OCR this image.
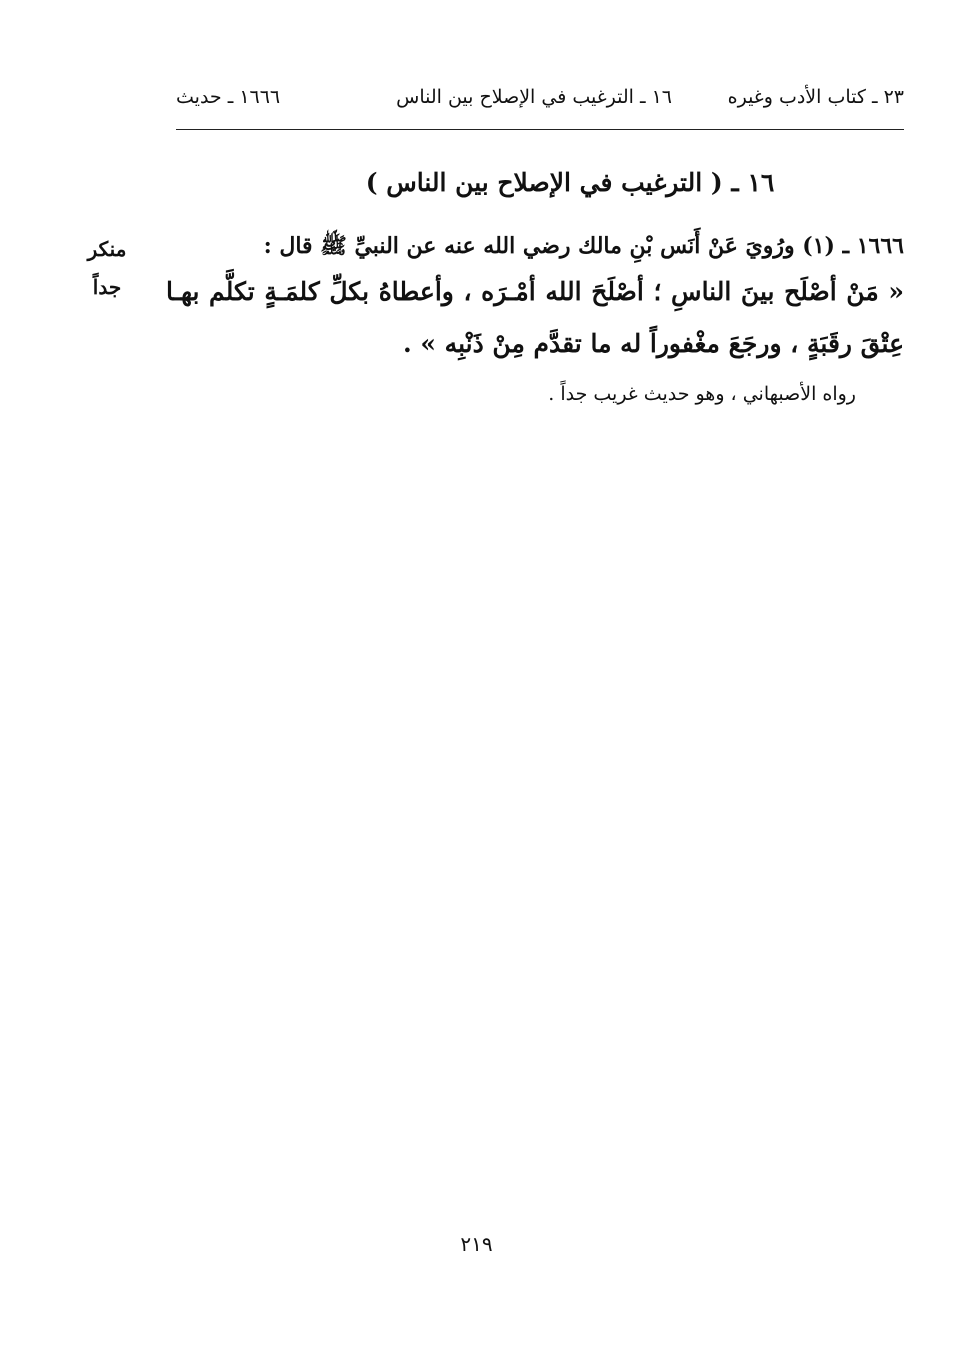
٢٣ ـ كتاب الأدب وغيره
١٦ ـ الترغيب في الإصلاح بين الناس
١٦٦٦ ـ حديث
١٦ ـ ( الترغيب في الإصلاح بين الناس )
منكر
جداً
١٦٦٦ ـ (١) ورُويَ عَنْ أَنَس بْنِ مالك رضي الله عنه عن النبيِّ ﷺ قال :
« مَنْ أصْلَح بينَ الناسِ ؛ أصْلَحَ الله أمْـرَه ، وأعطاهُ بكلِّ كلمَـةٍ تكلَّم بهـا عِتْقَ رقَبَةٍ ، ورجَعَ مغْفوراً له ما تقدَّم مِنْ ذَنْبِه » .
رواه الأصبهاني ، وهو حديث غريب جداً .
٢١٩
